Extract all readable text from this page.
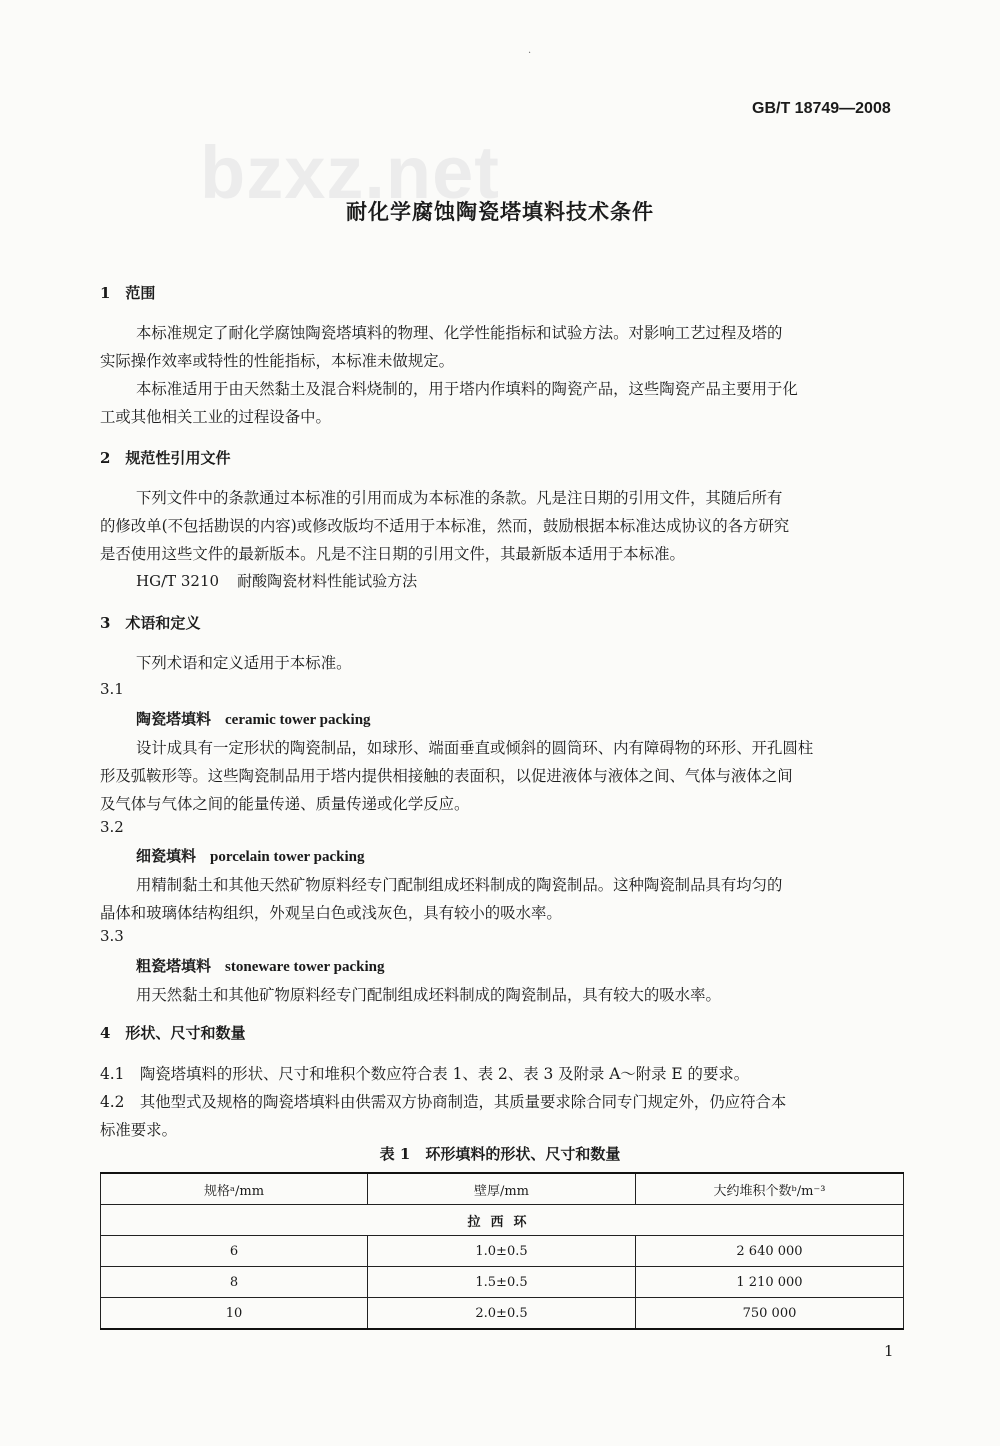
·
GB/T 18749—2008
bzxz.net
耐化学腐蚀陶瓷塔填料技术条件
1　范围
本标准规定了耐化学腐蚀陶瓷塔填料的物理、化学性能指标和试验方法。对影响工艺过程及塔的
实际操作效率或特性的性能指标，本标准未做规定。
本标准适用于由天然黏土及混合料烧制的，用于塔内作填料的陶瓷产品，这些陶瓷产品主要用于化
工或其他相关工业的过程设备中。
2　规范性引用文件
下列文件中的条款通过本标准的引用而成为本标准的条款。凡是注日期的引用文件，其随后所有
的修改单(不包括勘误的内容)或修改版均不适用于本标准，然而，鼓励根据本标准达成协议的各方研究
是否使用这些文件的最新版本。凡是不注日期的引用文件，其最新版本适用于本标准。
HG/T 3210 耐酸陶瓷材料性能试验方法
3　术语和定义
下列术语和定义适用于本标准。
3.1
陶瓷塔填料 ceramic tower packing
设计成具有一定形状的陶瓷制品，如球形、端面垂直或倾斜的圆筒环、内有障碍物的环形、开孔圆柱
形及弧鞍形等。这些陶瓷制品用于塔内提供相接触的表面积，以促进液体与液体之间、气体与液体之间
及气体与气体之间的能量传递、质量传递或化学反应。
3.2
细瓷填料 porcelain tower packing
用精制黏土和其他天然矿物原料经专门配制组成坯料制成的陶瓷制品。这种陶瓷制品具有均匀的
晶体和玻璃体结构组织，外观呈白色或浅灰色，具有较小的吸水率。
3.3
粗瓷塔填料 stoneware tower packing
用天然黏土和其他矿物原料经专门配制组成坯料制成的陶瓷制品，具有较大的吸水率。
4　形状、尺寸和数量
4.1　陶瓷塔填料的形状、尺寸和堆积个数应符合表 1、表 2、表 3 及附录 A～附录 E 的要求。
4.2　其他型式及规格的陶瓷塔填料由供需双方协商制造，其质量要求除合同专门规定外，仍应符合本
标准要求。
表 1　环形填料的形状、尺寸和数量
规格ᵃ/mm	壁厚/mm	大约堆积个数ᵇ/m⁻³
拉西环		
6	1.0±0.5	2 640 000
8	1.5±0.5	1 210 000
10	2.0±0.5	750 000
1
